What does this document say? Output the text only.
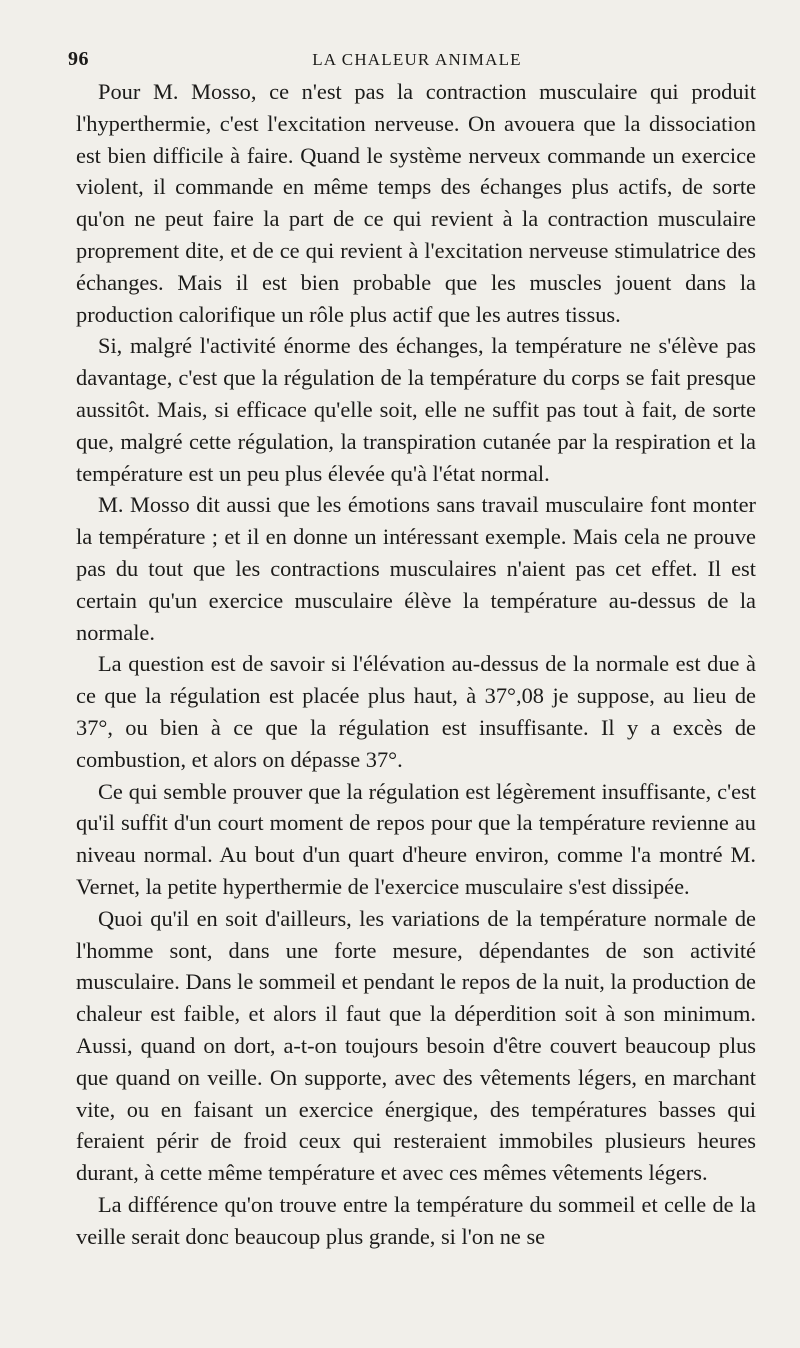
96	LA CHALEUR ANIMALE

Pour M. Mosso, ce n'est pas la contraction musculaire qui produit l'hyperthermie, c'est l'excitation nerveuse. On avouera que la dissociation est bien difficile à faire. Quand le système nerveux commande un exercice violent, il commande en même temps des échanges plus actifs, de sorte qu'on ne peut faire la part de ce qui revient à la contraction musculaire proprement dite, et de ce qui revient à l'excitation nerveuse stimulatrice des échanges. Mais il est bien probable que les muscles jouent dans la production calorifique un rôle plus actif que les autres tissus.

Si, malgré l'activité énorme des échanges, la température ne s'élève pas davantage, c'est que la régulation de la température du corps se fait presque aussitôt. Mais, si efficace qu'elle soit, elle ne suffit pas tout à fait, de sorte que, malgré cette régulation, la transpiration cutanée par la respiration et la température est un peu plus élevée qu'à l'état normal.

M. Mosso dit aussi que les émotions sans travail musculaire font monter la température ; et il en donne un intéressant exemple. Mais cela ne prouve pas du tout que les contractions musculaires n'aient pas cet effet. Il est certain qu'un exercice musculaire élève la température au-dessus de la normale.

La question est de savoir si l'élévation au-dessus de la normale est due à ce que la régulation est placée plus haut, à 37°,08 je suppose, au lieu de 37°, ou bien à ce que la régulation est insuffisante. Il y a excès de combustion, et alors on dépasse 37°.

Ce qui semble prouver que la régulation est légèrement insuffisante, c'est qu'il suffit d'un court moment de repos pour que la température revienne au niveau normal. Au bout d'un quart d'heure environ, comme l'a montré M. Vernet, la petite hyperthermie de l'exercice musculaire s'est dissipée.

Quoi qu'il en soit d'ailleurs, les variations de la température normale de l'homme sont, dans une forte mesure, dépendantes de son activité musculaire. Dans le sommeil et pendant le repos de la nuit, la production de chaleur est faible, et alors il faut que la déperdition soit à son minimum. Aussi, quand on dort, a-t-on toujours besoin d'être couvert beaucoup plus que quand on veille. On supporte, avec des vêtements légers, en marchant vite, ou en faisant un exercice énergique, des températures basses qui feraient périr de froid ceux qui resteraient immobiles plusieurs heures durant, à cette même température et avec ces mêmes vêtements légers.

La différence qu'on trouve entre la température du sommeil et celle de la veille serait donc beaucoup plus grande, si l'on ne se
